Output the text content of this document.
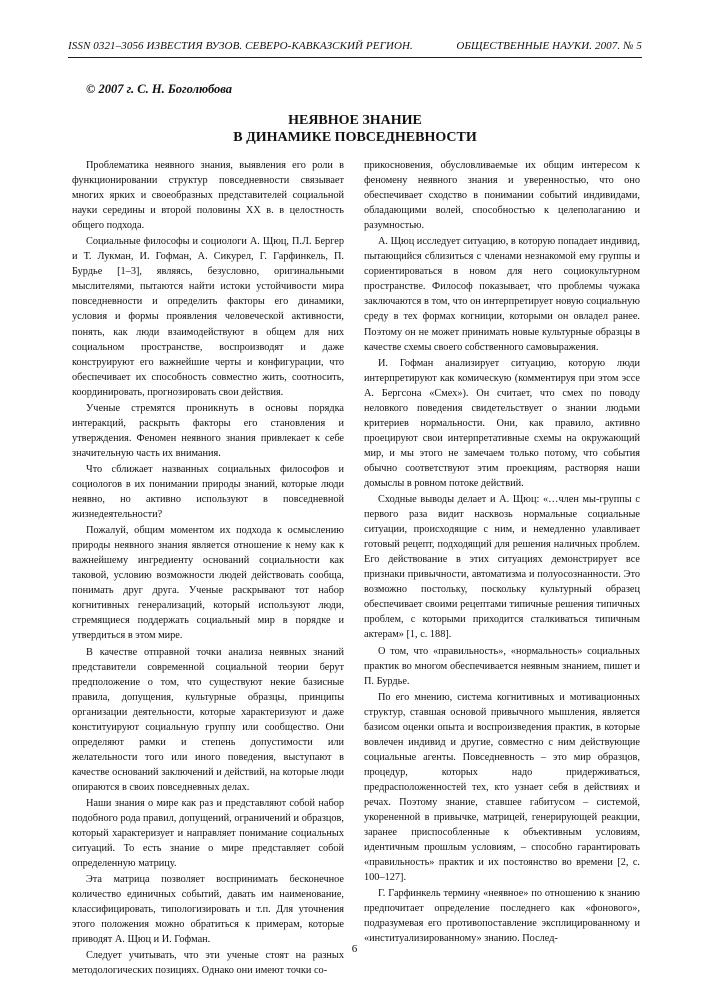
ISSN 0321–3056 ИЗВЕСТИЯ ВУЗОВ. СЕВЕРО-КАВКАЗСКИЙ РЕГИОН.	ОБЩЕСТВЕННЫЕ НАУКИ. 2007. № 5
© 2007 г. С. Н. Боголюбова
НЕЯВНОЕ ЗНАНИЕ
В ДИНАМИКЕ ПОВСЕДНЕВНОСТИ

Проблематика неявного знания, выявления его роли в функционировании структур повседневности связывает многих ярких и своеобразных представителей социальной науки середины и второй половины XX в. в целостность общего подхода.

Социальные философы и социологи А. Щюц, П.Л. Бергер и Т. Лукман, И. Гофман, А. Сикурел, Г. Гарфинкель, П. Бурдье [1–3], являясь, безусловно, оригинальными мыслителями, пытаются найти истоки устойчивости мира повседневности и определить факторы его динамики, условия и формы проявления человеческой активности, понять, как люди взаимодействуют в общем для них социальном пространстве, воспроизводят и даже конструируют его важнейшие черты и конфигурации, что обеспечивает их способность совместно жить, соотносить, координировать, прогнозировать свои действия.

Ученые стремятся проникнуть в основы порядка интеракций, раскрыть факторы его становления и утверждения. Феномен неявного знания привлекает к себе значительную часть их внимания.

Что сближает названных социальных философов и социологов в их понимании природы знаний, которые люди неявно, но активно используют в повседневной жизнедеятельности?

Пожалуй, общим моментом их подхода к осмыслению природы неявного знания является отношение к нему как к важнейшему ингредиенту оснований социальности как таковой, условию возможности людей действовать сообща, понимать друг друга. Ученые раскрывают тот набор когнитивных генерализаций, который используют люди, стремящиеся поддержать социальный мир в порядке и утвердиться в этом мире.

В качестве отправной точки анализа неявных знаний представители современной социальной теории берут предположение о том, что существуют некие базисные правила, допущения, культурные образцы, принципы организации деятельности, которые характеризуют и даже конституируют социальную группу или сообщество. Они определяют рамки и степень допустимости или желательности того или иного поведения, выступают в качестве оснований заключений и действий, на которые люди опираются в своих повседневных делах.

Наши знания о мире как раз и представляют собой набор подобного рода правил, допущений, ограничений и образцов, который характеризует и направляет понимание социальных ситуаций. То есть знание о мире представляет собой определенную матрицу.

Эта матрица позволяет воспринимать бесконечное количество единичных событий, давать им наименование, классифицировать, типологизировать и т.п. Для уточнения этого положения можно обратиться к примерам, которые приводят А. Щюц и И. Гофман.

Следует учитывать, что эти ученые стоят на разных методологических позициях. Однако они имеют точки со-

прикосновения, обусловливаемые их общим интересом к феномену неявного знания и уверенностью, что оно обеспечивает сходство в понимании событий индивидами, обладающими волей, способностью к целеполаганию и разумностью.

А. Щюц исследует ситуацию, в которую попадает индивид, пытающийся сблизиться с членами незнакомой ему группы и сориентироваться в новом для него социокультурном пространстве. Философ показывает, что проблемы чужака заключаются в том, что он интерпретирует новую социальную среду в тех формах когниции, которыми он овладел ранее. Поэтому он не может принимать новые культурные образцы в качестве схемы своего собственного самовыражения.

И. Гофман анализирует ситуацию, которую люди интерпретируют как комическую (комментируя при этом эссе А. Бергсона «Смех»). Он считает, что смех по поводу неловкого поведения свидетельствует о знании людьми критериев нормальности. Они, как правило, активно проецируют свои интерпретативные схемы на окружающий мир, и мы этого не замечаем только потому, что события обычно соответствуют этим проекциям, растворяя наши домыслы в ровном потоке действий.

Сходные выводы делает и А. Щюц: «…член мы-группы с первого раза видит насквозь нормальные социальные ситуации, происходящие с ним, и немедленно улавливает готовый рецепт, подходящий для решения наличных проблем. Его действование в этих ситуациях демонстрирует все признаки привычности, автоматизма и полуосознанности. Это возможно постольку, поскольку культурный образец обеспечивает своими рецептами типичные решения типичных проблем, с которыми приходится сталкиваться типичным актерам» [1, с. 188].

О том, что «правильность», «нормальность» социальных практик во многом обеспечивается неявным знанием, пишет и П. Бурдье.

По его мнению, система когнитивных и мотивационных структур, ставшая основой привычного мышления, является базисом оценки опыта и воспроизведения практик, в которые вовлечен индивид и другие, совместно с ним действующие социальные агенты. Повседневность – это мир образцов, процедур, которых надо придерживаться, предрасположенностей тех, кто узнает себя в действиях и речах. Поэтому знание, ставшее габитусом – системой, укорененной в привычке, матрицей, генерирующей реакции, заранее приспособленные к объективным условиям, идентичным прошлым условиям, – способно гарантировать «правильность» практик и их постоянство во времени [2, с. 100–127].

Г. Гарфинкель термину «неявное» по отношению к знанию предпочитает определение последнего как «фонового», подразумевая его противопоставление эксплицированному и «институализированному» знанию. Послед-

6
